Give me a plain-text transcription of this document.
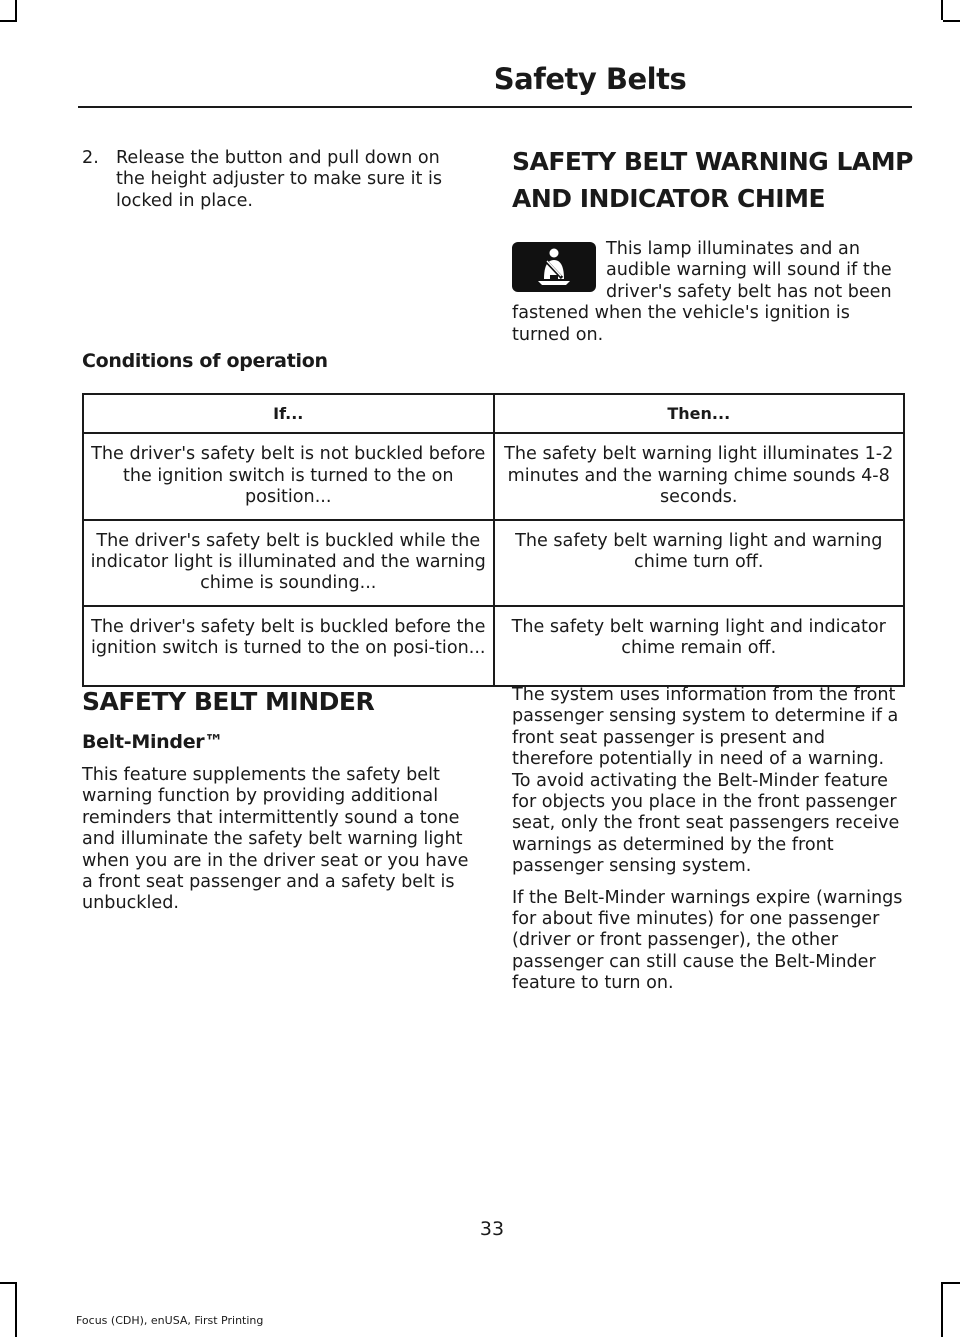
Safety Belts
2. Release the button and pull down on the height adjuster to make sure it is locked in place.
SAFETY BELT WARNING LAMP
AND INDICATOR CHIME

This lamp illuminates and an audible warning will sound if the driver's safety belt has not been fastened when the vehicle's ignition is turned on.

Conditions of operation
If...	Then...
The driver's safety belt is not buckled before the ignition switch is turned to the on position...	The safety belt warning light illuminates 1-2 minutes and the warning chime sounds 4-8 seconds.
The driver's safety belt is buckled while the indicator light is illuminated and the warning chime is sounding...	The safety belt warning light and warning chime turn off.
The driver's safety belt is buckled before the ignition switch is turned to the on posi-tion...	The safety belt warning light and indicator chime remain off.
SAFETY BELT MINDER
Belt-Minder™

This feature supplements the safety belt warning function by providing additional reminders that intermittently sound a tone and illuminate the safety belt warning light when you are in the driver seat or you have a front seat passenger and a safety belt is unbuckled.

The system uses information from the front passenger sensing system to determine if a front seat passenger is present and therefore potentially in need of a warning. To avoid activating the Belt-Minder feature for objects you place in the front passenger seat, only the front seat passengers receive warnings as determined by the front passenger sensing system.

If the Belt-Minder warnings expire (warnings for about five minutes) for one passenger (driver or front passenger), the other passenger can still cause the Belt-Minder feature to turn on.

33
Focus (CDH), enUSA, First Printing
